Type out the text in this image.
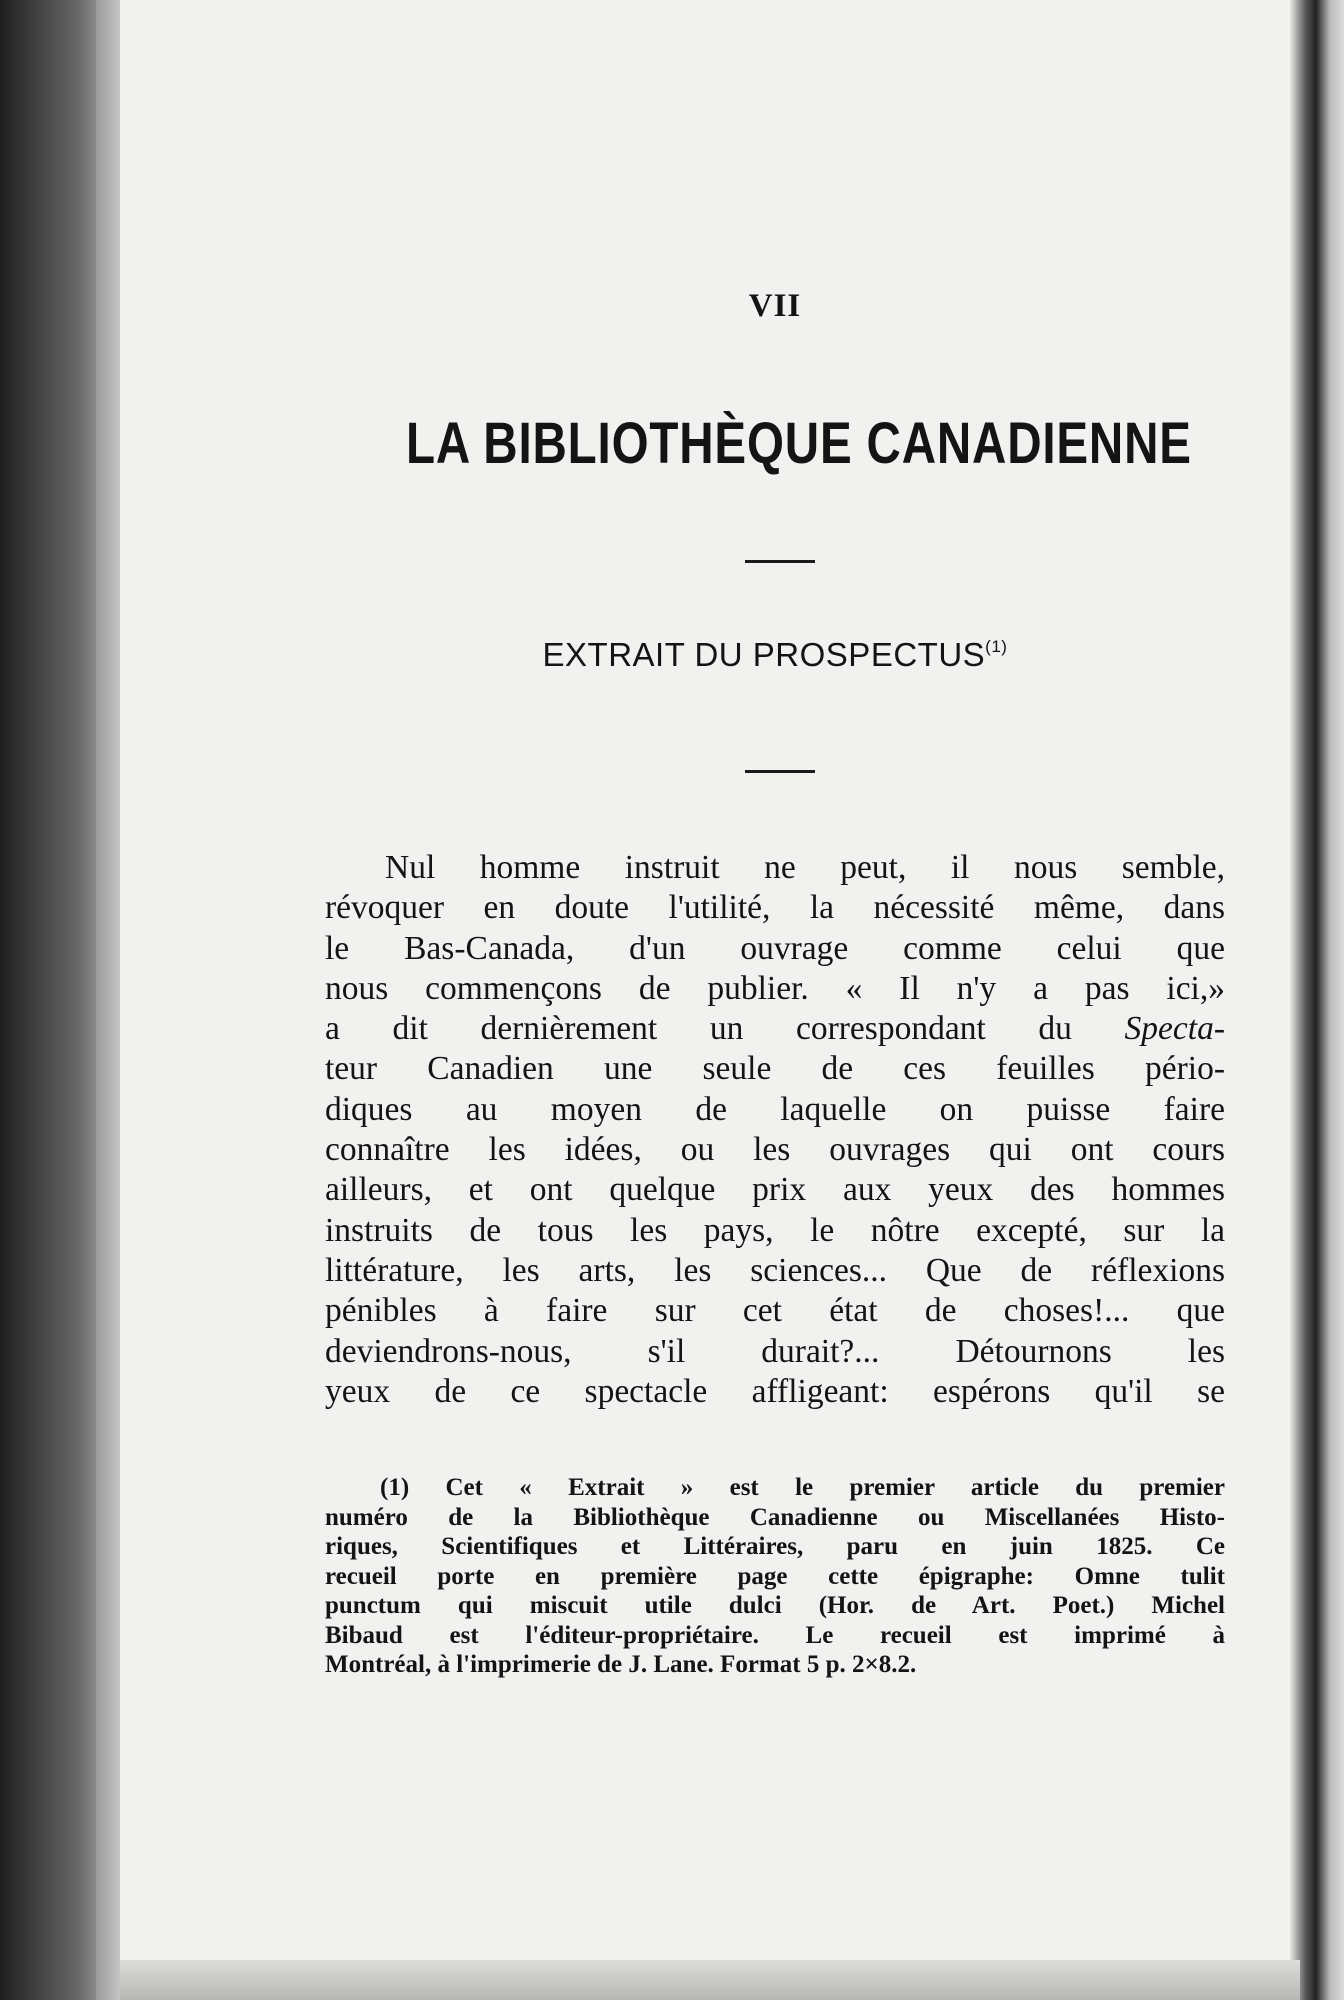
VII
LA BIBLIOTHÈQUE CANADIENNE
EXTRAIT DU PROSPECTUS$^{(1)}$
Nul homme instruit ne peut, il nous semble,
révoquer en doute l'utilité, la nécessité même, dans
le Bas-Canada, d'un ouvrage comme celui que
nous commençons de publier. « Il n'y a pas ici,»
a dit dernièrement un correspondant du Specta-
teur Canadien une seule de ces feuilles pério-
diques au moyen de laquelle on puisse faire
connaître les idées, ou les ouvrages qui ont cours
ailleurs, et ont quelque prix aux yeux des hommes
instruits de tous les pays, le nôtre excepté, sur la
littérature, les arts, les sciences... Que de réflexions
pénibles à faire sur cet état de choses!... que
deviendrons-nous, s'il durait?... Détournons les
yeux de ce spectacle affligeant: espérons qu'il se
(1) Cet « Extrait » est le premier article du premier
numéro de la Bibliothèque Canadienne ou Miscellanées Histo-
riques, Scientifiques et Littéraires, paru en juin 1825. Ce
recueil porte en première page cette épigraphe: Omne tulit
punctum qui miscuit utile dulci (Hor. de Art. Poet.) Michel
Bibaud est l'éditeur-propriétaire. Le recueil est imprimé à
Montréal, à l'imprimerie de J. Lane. Format 5 p. 2×8.2.
